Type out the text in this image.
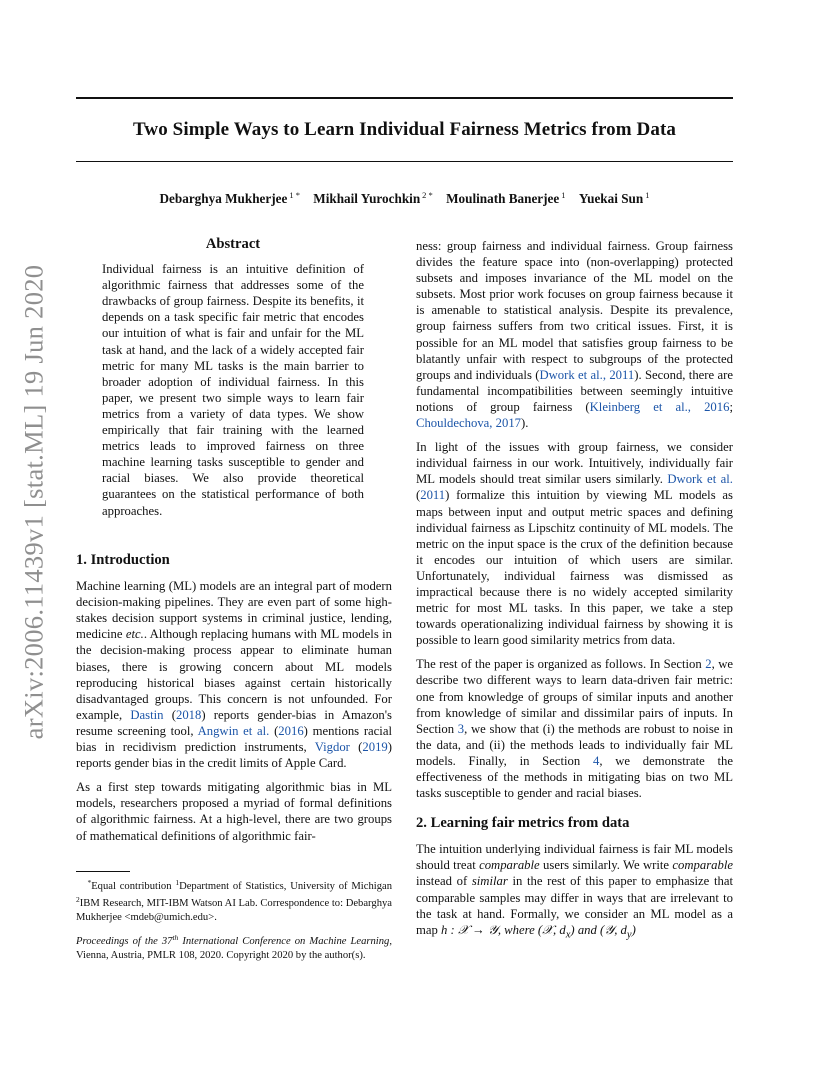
arXiv:2006.11439v1 [stat.ML] 19 Jun 2020
Two Simple Ways to Learn Individual Fairness Metrics from Data
Debarghya Mukherjee $^{1 *}$ Mikhail Yurochkin $^{2 *}$ Moulinath Banerjee $^1$ Yuekai Sun $^1$
Abstract

Individual fairness is an intuitive definition of algorithmic fairness that addresses some of the drawbacks of group fairness. Despite its benefits, it depends on a task specific fair metric that encodes our intuition of what is fair and unfair for the ML task at hand, and the lack of a widely accepted fair metric for many ML tasks is the main barrier to broader adoption of individual fairness. In this paper, we present two simple ways to learn fair metrics from a variety of data types. We show empirically that fair training with the learned metrics leads to improved fairness on three machine learning tasks susceptible to gender and racial biases. We also provide theoretical guarantees on the statistical performance of both approaches.

1. Introduction

Machine learning (ML) models are an integral part of modern decision-making pipelines. They are even part of some high-stakes decision support systems in criminal justice, lending, medicine etc.. Although replacing humans with ML models in the decision-making process appear to eliminate human biases, there is growing concern about ML models reproducing historical biases against certain historically disadvantaged groups. This concern is not unfounded. For example, Dastin (2018) reports gender-bias in Amazon's resume screening tool, Angwin et al. (2016) mentions racial bias in recidivism prediction instruments, Vigdor (2019) reports gender bias in the credit limits of Apple Card.

As a first step towards mitigating algorithmic bias in ML models, researchers proposed a myriad of formal definitions of algorithmic fairness. At a high-level, there are two groups of mathematical definitions of algorithmic fair-

*Equal contribution $^1$Department of Statistics, University of Michigan $^2$IBM Research, MIT-IBM Watson AI Lab. Correspondence to: Debarghya Mukherjee <mdeb@umich.edu>.
Proceedings of the 37th International Conference on Machine Learning, Vienna, Austria, PMLR 108, 2020. Copyright 2020 by the author(s).

ness: group fairness and individual fairness. Group fairness divides the feature space into (non-overlapping) protected subsets and imposes invariance of the ML model on the subsets. Most prior work focuses on group fairness because it is amenable to statistical analysis. Despite its prevalence, group fairness suffers from two critical issues. First, it is possible for an ML model that satisfies group fairness to be blatantly unfair with respect to subgroups of the protected groups and individuals (Dwork et al., 2011). Second, there are fundamental incompatibilities between seemingly intuitive notions of group fairness (Kleinberg et al., 2016; Chouldechova, 2017).

In light of the issues with group fairness, we consider individual fairness in our work. Intuitively, individually fair ML models should treat similar users similarly. Dwork et al. (2011) formalize this intuition by viewing ML models as maps between input and output metric spaces and defining individual fairness as Lipschitz continuity of ML models. The metric on the input space is the crux of the definition because it encodes our intuition of which users are similar. Unfortunately, individual fairness was dismissed as impractical because there is no widely accepted similarity metric for most ML tasks. In this paper, we take a step towards operationalizing individual fairness by showing it is possible to learn good similarity metrics from data.

The rest of the paper is organized as follows. In Section 2, we describe two different ways to learn data-driven fair metric: one from knowledge of groups of similar inputs and another from knowledge of similar and dissimilar pairs of inputs. In Section 3, we show that (i) the methods are robust to noise in the data, and (ii) the methods leads to individually fair ML models. Finally, in Section 4, we demonstrate the effectiveness of the methods in mitigating bias on two ML tasks susceptible to gender and racial biases.

2. Learning fair metrics from data

The intuition underlying individual fairness is fair ML models should treat comparable users similarly. We write comparable instead of similar in the rest of this paper to emphasize that comparable samples may differ in ways that are irrelevant to the task at hand. Formally, we consider an ML model as a map h : 𝒳 → 𝒴, where (𝒳, $d_x$) and (𝒴, $d_y$)
